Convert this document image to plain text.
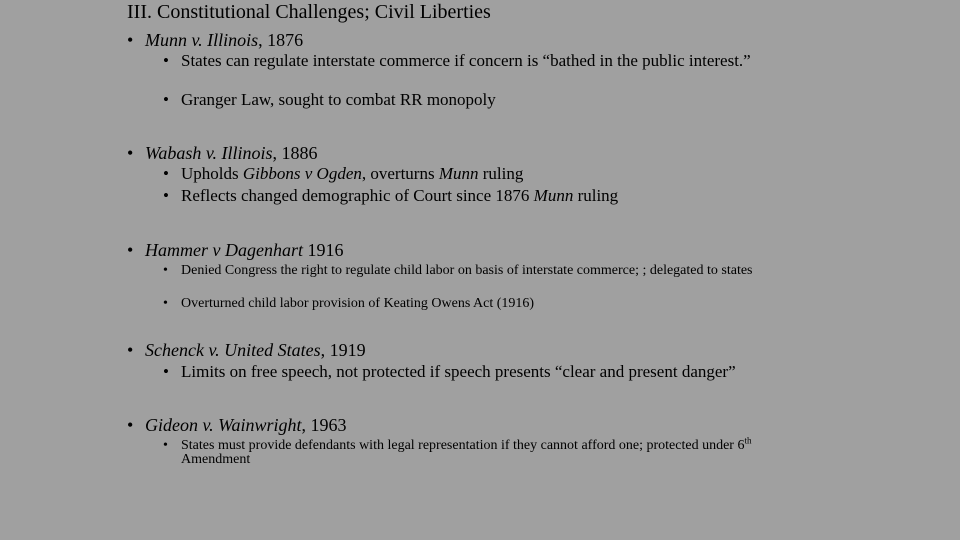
III. Constitutional Challenges; Civil Liberties
• Munn v. Illinois, 1876
• States can regulate interstate commerce if concern is “bathed in the public interest.”
• Granger Law, sought to combat RR monopoly
• Wabash v. Illinois, 1886
• Upholds Gibbons v Ogden, overturns Munn ruling
• Reflects changed demographic of Court since 1876 Munn ruling
• Hammer v Dagenhart 1916
• Denied Congress the right to regulate child labor on basis of interstate commerce; ; delegated to states
• Overturned child labor provision of Keating Owens Act (1916)
• Schenck v. United States, 1919
• Limits on free speech, not protected if speech presents “clear and present danger”
• Gideon v. Wainwright, 1963
• States must provide defendants with legal representation if they cannot afford one; protected under 6th Amendment
